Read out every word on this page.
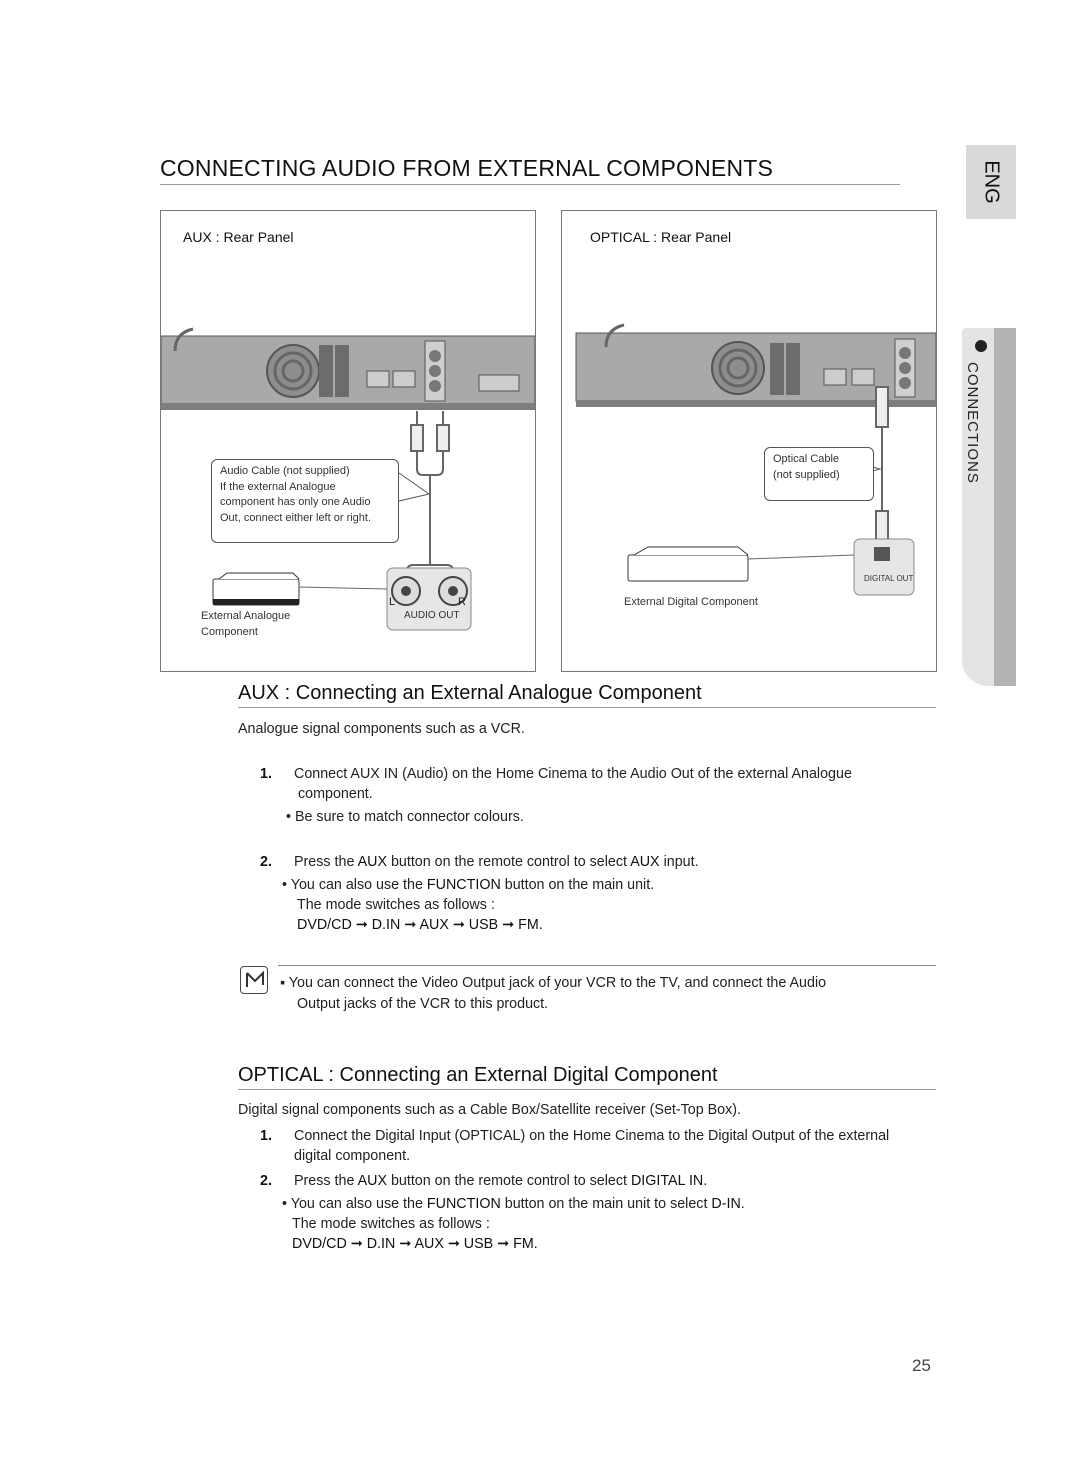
ENG
CONNECTIONS
CONNECTING AUDIO FROM EXTERNAL COMPONENTS
AUX : Rear Panel
Audio Cable (not supplied)
If the external Analogue
component has only one Audio
Out, connect either left or right.
L	R
AUDIO OUT
External Analogue
Component
OPTICAL : Rear Panel
Optical Cable
(not supplied)
DIGITAL OUT
External Digital Component
AUX : Connecting an External Analogue Component
Analogue signal components such as a VCR.
1. Connect AUX IN (Audio) on the Home Cinema to the Audio Out of the external Analogue
component.
• Be sure to match connector colours.
2. Press the AUX button on the remote control to select AUX input.
• You can also use the FUNCTION button on the main unit.
The mode switches as follows :
DVD/CD ➞ D.IN ➞ AUX ➞ USB ➞ FM.
▪ You can connect the Video Output jack of your VCR to the TV, and connect the Audio
Output jacks of the VCR to this product.
OPTICAL : Connecting an External Digital Component
Digital signal components such as a Cable Box/Satellite receiver (Set-Top Box).
1. Connect the Digital Input (OPTICAL) on the Home Cinema to the Digital Output of the external
digital component.
2. Press the AUX button on the remote control to select DIGITAL IN.
• You can also use the FUNCTION button on the main unit to select D-IN.
The mode switches as follows :
DVD/CD ➞ D.IN ➞ AUX ➞ USB ➞ FM.
25
